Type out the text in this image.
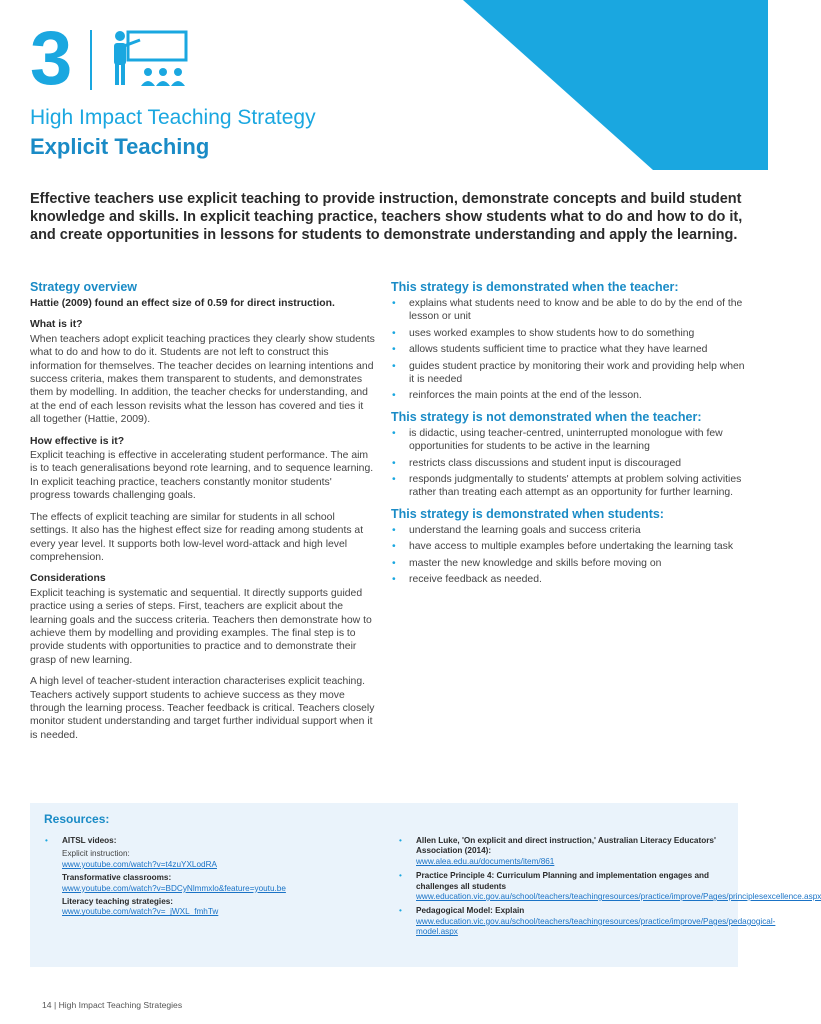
3
High Impact Teaching Strategy
Explicit Teaching
Effective teachers use explicit teaching to provide instruction, demonstrate concepts and build student knowledge and skills. In explicit teaching practice, teachers show students what to do and how to do it, and create opportunities in lessons for students to demonstrate understanding and apply the learning.
Strategy overview
Hattie (2009) found an effect size of 0.59 for direct instruction.
What is it?
When teachers adopt explicit teaching practices they clearly show students what to do and how to do it. Students are not left to construct this information for themselves. The teacher decides on learning intentions and success criteria, makes them transparent to students, and demonstrates them by modelling. In addition, the teacher checks for understanding, and at the end of each lesson revisits what the lesson has covered and ties it all together (Hattie, 2009).
How effective is it?
Explicit teaching is effective in accelerating student performance. The aim is to teach generalisations beyond rote learning, and to sequence learning. In explicit teaching practice, teachers constantly monitor students' progress towards challenging goals.
The effects of explicit teaching are similar for students in all school settings. It also has the highest effect size for reading among students at every year level. It supports both low-level word-attack and high level comprehension.
Considerations
Explicit teaching is systematic and sequential. It directly supports guided practice using a series of steps. First, teachers are explicit about the learning goals and the success criteria. Teachers then demonstrate how to achieve them by modelling and providing examples. The final step is to provide students with opportunities to practice and to demonstrate their grasp of new learning.
A high level of teacher-student interaction characterises explicit teaching. Teachers actively support students to achieve success as they move through the learning process. Teacher feedback is critical. Teachers closely monitor student understanding and target further individual support when it is needed.
This strategy is demonstrated when the teacher:
• explains what students need to know and be able to do by the end of the lesson or unit
• uses worked examples to show students how to do something
• allows students sufficient time to practice what they have learned
• guides student practice by monitoring their work and providing help when it is needed
• reinforces the main points at the end of the lesson.
This strategy is not demonstrated when the teacher:
• is didactic, using teacher-centred, uninterrupted monologue with few opportunities for students to be active in the learning
• restricts class discussions and student input is discouraged
• responds judgmentally to students' attempts at problem solving activities rather than treating each attempt as an opportunity for further learning.
This strategy is demonstrated when students:
• understand the learning goals and success criteria
• have access to multiple examples before undertaking the learning task
• master the new knowledge and skills before moving on
• receive feedback as needed.
Resources:
• AITSL videos:
Explicit instruction:
www.youtube.com/watch?v=t4zuYXLodRA
Transformative classrooms:
www.youtube.com/watch?v=BDCyNlmmxlo&feature=youtu.be
Literacy teaching strategies:
www.youtube.com/watch?v=_jWXL_fmhTw
• Allen Luke, 'On explicit and direct instruction,' Australian Literacy Educators' Association (2014):
www.alea.edu.au/documents/item/861
• Practice Principle 4: Curriculum Planning and implementation engages and challenges all students
www.education.vic.gov.au/school/teachers/teachingresources/practice/improve/Pages/principlesexcellence.aspx
• Pedagogical Model: Explain
www.education.vic.gov.au/school/teachers/teachingresources/practice/improve/Pages/pedagogical-model.aspx
14 | High Impact Teaching Strategies
